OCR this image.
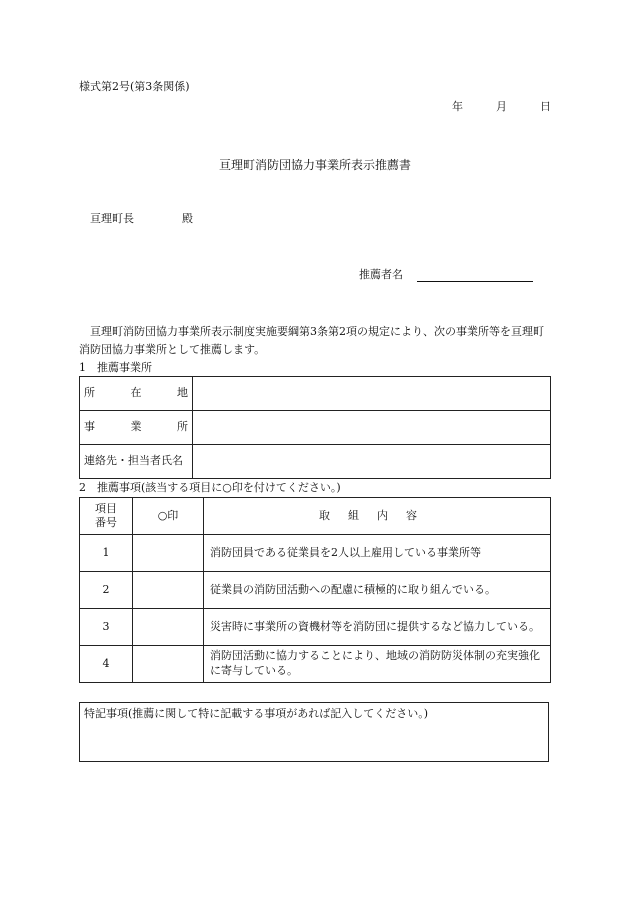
様式第2号(第3条関係)
年	月	日
亘理町消防団協力事業所表示推薦書
亘理町長	殿
推薦者名
亘理町消防団協力事業所表示制度実施要綱第3条第2項の規定により、次の事業所等を亘理町消防団協力事業所として推薦します。
1　推薦事業所
所 在 地	

事 業 所	

連絡先・担当者氏名	
2　推薦事項(該当する項目に○印を付けてください。)
項目
番号	○印	取組内容
1		消防団員である従業員を2人以上雇用している事業所等
2		従業員の消防団活動への配慮に積極的に取り組んでいる。
3		災害時に事業所の資機材等を消防団に提供するなど協力している。
4		消防団活動に協力することにより、地域の消防防災体制の充実強化に寄与している。
特記事項(推薦に関して特に記載する事項があれば記入してください。)
